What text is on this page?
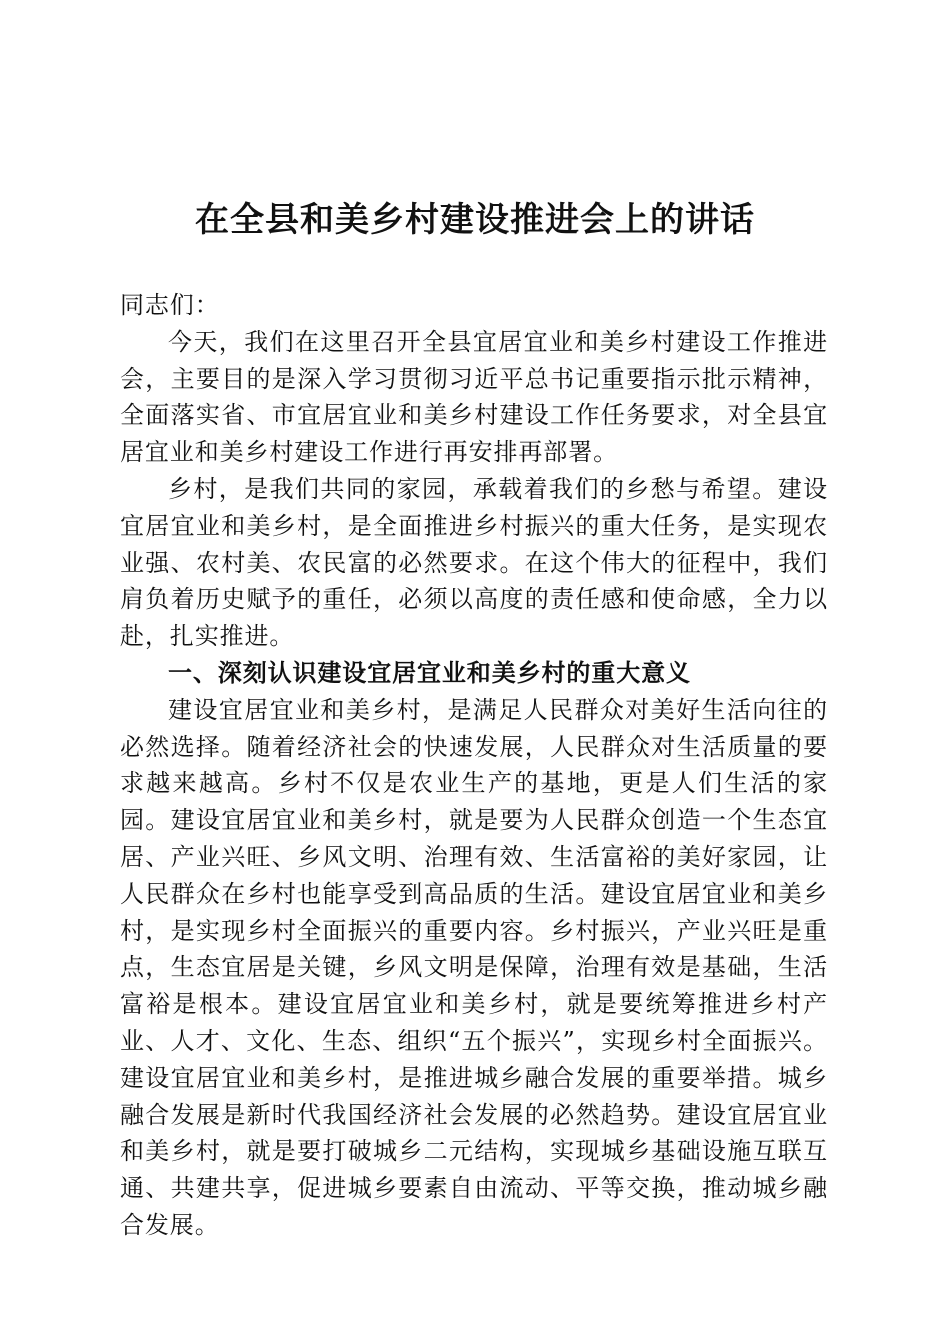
在全县和美乡村建设推进会上的讲话

同志们：

今天，我们在这里召开全县宜居宜业和美乡村建设工作推进会，主要目的是深入学习贯彻习近平总书记重要指示批示精神，全面落实省、市宜居宜业和美乡村建设工作任务要求，对全县宜居宜业和美乡村建设工作进行再安排再部署。

乡村，是我们共同的家园，承载着我们的乡愁与希望。建设宜居宜业和美乡村，是全面推进乡村振兴的重大任务，是实现农业强、农村美、农民富的必然要求。在这个伟大的征程中，我们肩负着历史赋予的重任，必须以高度的责任感和使命感，全力以赴，扎实推进。

一、深刻认识建设宜居宜业和美乡村的重大意义

建设宜居宜业和美乡村，是满足人民群众对美好生活向往的必然选择。随着经济社会的快速发展，人民群众对生活质量的要求越来越高。乡村不仅是农业生产的基地，更是人们生活的家园。建设宜居宜业和美乡村，就是要为人民群众创造一个生态宜居、产业兴旺、乡风文明、治理有效、生活富裕的美好家园，让人民群众在乡村也能享受到高品质的生活。建设宜居宜业和美乡村，是实现乡村全面振兴的重要内容。乡村振兴，产业兴旺是重点，生态宜居是关键，乡风文明是保障，治理有效是基础，生活富裕是根本。建设宜居宜业和美乡村，就是要统筹推进乡村产业、人才、文化、生态、组织“五个振兴”，实现乡村全面振兴。建设宜居宜业和美乡村，是推进城乡融合发展的重要举措。城乡融合发展是新时代我国经济社会发展的必然趋势。建设宜居宜业和美乡村，就是要打破城乡二元结构，实现城乡基础设施互联互通、共建共享，促进城乡要素自由流动、平等交换，推动城乡融合发展。
